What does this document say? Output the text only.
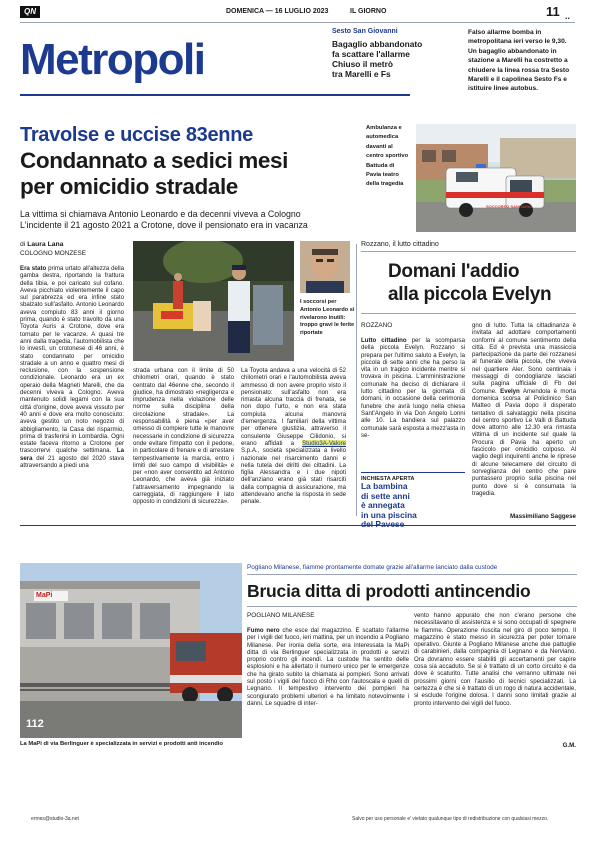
QN	DOMENICA — 16 LUGLIO 2023	IL GIORNO	11 ..
Metropoli
Sesto San Giovanni
Bagaglio abbandonato
fa scattare l'allarme
Chiuso il metrò
tra Marelli e Fs
Falso allarme bomba in metropolitana ieri verso le 9,30. Un bagaglio abbandonato in stazione a Marelli ha costretto a chiudere la linea rossa tra Sesto Marelli e il capolinea Sesto Fs e istituire linee autobus.
Travolse e uccise 83enne
Condannato a sedici mesi
per omicidio stradale
La vittima si chiamava Antonio Leonardo e da decenni viveva a Cologno
L'incidente il 21 agosto 2021 a Crotone, dove il pensionato era in vacanza
Ambulanza e automedica davanti al centro sportivo Battuda di Pavia teatro della tragedia
SOCCORSO SANITARIO
di Laura Lana
COLOGNO MONZESE
Era stato prima urtato all'altezza della gamba destra, riportando la frattura della tibia, e poi caricato sul cofano. Aveva picchiato violentemente il capo sul parabrezza ed era infine stato sbalzato sull'asfalto. Antonio Leonardo aveva compiuto 83 anni il giorno prima, quando è stato travolto da una Toyota Auris a Crotone, dove era tornato per le vacanze. A quasi tre anni dalla tragedia, l'automobilista che lo investì, un crotonese di 46 anni, è stato condannato per omicidio stradale a un anno e quattro mesi di reclusione, con la sospensione condizionale. Leonardo era un ex operaio della Magneti Marelli, che da decenni viveva a Cologno. Aveva mantenuto solidi legami con la sua città d'origine, dove aveva vissuto per 40 anni e dove era molto conosciuto: aveva gestito un noto negozio di abbigliamento, la Casa del risparmio, prima di trasferirsi in Lombardia. Ogni estate faceva ritorno a Crotone per trascorrervi qualche settimana. La sera del 21 agosto del 2020 stava attraversando a piedi una
I soccorsi per Antonio Leonardo si rivelarono inutili: troppo gravi le ferite riportate
strada urbana con il limite di 50 chilometri orari, quando è stato centrato dal 46enne che, secondo il giudice, ha dimostrato «negligenza e imprudenza nella violazione delle norme sulla disciplina della circolazione stradale». La responsabilità è piena «per aver omesso di compiere tutte le manovre necessarie in condizione di sicurezza onde evitare l'impatto con il pedone, in particolare di frenare e di arrestare tempestivamente la marcia, entro i limiti del suo campo di visibilità» e per «non aver consentito ad Antonio Leonardo, che aveva già iniziato l'attraversamento impegnando la carreggiata, di raggiungere il lato opposto in condizioni di sicurezza».
La Toyota andava a una velocità di 52 chilometri orari e l'automobilista aveva ammesso di non avere proprio visto il pensionato: sull'asfalto non era rimasta alcuna traccia di frenata, se non dopo l'urto, e non era stata compiuta alcuna manovra d'emergenza. I familiari della vittima per ottenere giustizia, attraverso il consulente Giuseppe Cilidonio, si erano affidati a Studio3A-Valore S.p.A., società specializzata a livello nazionale nel risarcimento danni e nella tutela dei diritti dei cittadini. La figlia Alessandra e i due nipoti dell'anziano erano già stati risarciti dalla compagnia di assicurazione, ma attendevano anche la risposta in sede penale.
Rozzano, il lutto cittadino
Domani l'addio
alla piccola Evelyn
ROZZANO
Lutto cittadino per la scomparsa della piccola Evelyn. Rozzano si prepara per l'ultimo saluto a Evelyn, la piccola di sette anni che ha perso la vita in un tragico incidente mentre si trovava in piscina. L'amministrazione comunale ha deciso di dichiarare il lutto cittadino per la giornata di domani, in occasione della cerimonia funebre che avrà luogo nella chiesa Sant'Angelo in via Don Angelo Lonni alle 10. La bandiera sul palazzo comunale sarà esposta a mezz'asta in se-
INCHIESTA APERTA
La bambina
di sette anni
è annegata
in una piscina
gno di lutto. Tutta la cittadinanza è invitata ad adottare comportamenti conformi al comune sentimento della città. Ed è prevista una massiccia partecipazione da parte dei rozzanesi al funerale della piccola, che viveva nel quartiere Aler. Sono centinaia i messaggi di condoglianze lasciati sulla pagina ufficiale di Fb del Comune. Evelyn Amendola è morta domenica scorsa al Policlinico San Matteo di Pavia dopo il disperato tentativo di salvataggio nella piscina del centro sportivo Le Valli di Battuda dove attorno alle 12.30 era rimasta vittima di un incidente sul quale la Procura di Pavia ha aperto un fascicolo per omicidio colposo. Al vaglio degli inquirenti anche le riprese di alcune telecamere del circuito di sorveglianza del centro che pare puntassero proprio sulla piscina nel punto dove si è consumata la tragedia.
Massimiliano Saggese
MaPi
112
La MaPi di via Berlinguer è specializzata in servizi e prodotti anti incendio
Pogliano Milanese, fiamme prontamente domate grazie all'allarme lanciato dalla custode
Brucia ditta di prodotti antincendio
POGLIANO MILANESE
Fumo nero che esce dal magazzino. È scattato l'allarme per i vigili del fuoco, ieri mattina, per un incendio a Pogliano Milanese. Per ironia della sorte, era interessata la MaPi ditta di via Berlinguer specializzata in prodotti e servizi proprio contro gli incendi. La custode ha sentito delle esplosioni e ha allertato il numero unico per le emergenze che ha girato subito la chiamata ai pompieri. Sono arrivati sul posto i vigili del fuoco di Rho con l'autoscala e quelli di Legnano. Il tempestivo intervento dei pompieri ha scongiurato problemi ulteriori e ha limitato notevolmente i danni. Le squadre di inter-
vento hanno appurato che non c'erano persone che necessitavano di assistenza e si sono occupati di spegnere le fiamme. Operazione riuscita nel giro di poco tempo. Il magazzino è stato messo in sicurezza per poter tornare operativo. Giunte a Pogliano Milanese anche due pattuglie di carabinieri, dalla compagnia di Legnano e da Nerviano. Ora dovranno essere stabiliti gli accertamenti per capire cosa sia accaduto. Se si è trattato di un corto circuito e da dove è scaturito. Tutte analisi che verranno ultimate nei prossimi giorni con l'ausilio di tecnici specializzati. La certezza è che si è trattato di un rogo di natura accidentale, si esclude l'origine dolosa. I danni sono limitati grazie al pronto intervento dei vigili del fuoco.
G.M.
ermes@studio-3a.net	Salvo per uso personale e' vietato qualunque tipo di redistribuzione con qualsiasi mezzo.
